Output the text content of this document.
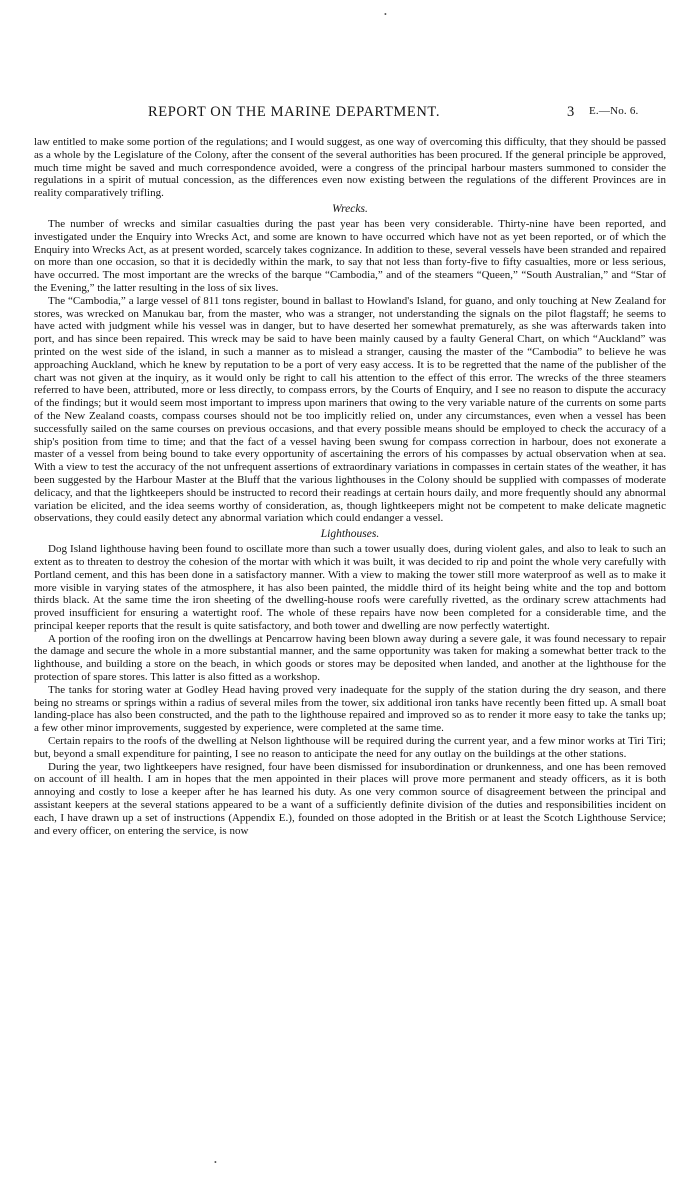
•
REPORT ON THE MARINE DEPARTMENT.	3 E.—No. 6.

law entitled to make some portion of the regulations; and I would suggest, as one way of overcoming this difficulty, that they should be passed as a whole by the Legislature of the Colony, after the consent of the several authorities has been procured. If the general principle be approved, much time might be saved and much correspondence avoided, were a congress of the principal harbour masters summoned to consider the regulations in a spirit of mutual concession, as the differences even now existing between the regulations of the different Provinces are in reality comparatively trifling.

Wrecks.

The number of wrecks and similar casualties during the past year has been very considerable. Thirty-nine have been reported, and investigated under the Enquiry into Wrecks Act, and some are known to have occurred which have not as yet been reported, or of which the Enquiry into Wrecks Act, as at present worded, scarcely takes cognizance. In addition to these, several vessels have been stranded and repaired on more than one occasion, so that it is decidedly within the mark, to say that not less than forty-five to fifty casualties, more or less serious, have occurred. The most important are the wrecks of the barque “Cambodia,” and of the steamers “Queen,” “South Australian,” and “Star of the Evening,” the latter resulting in the loss of six lives.

The “Cambodia,” a large vessel of 811 tons register, bound in ballast to Howland's Island, for guano, and only touching at New Zealand for stores, was wrecked on Manukau bar, from the master, who was a stranger, not understanding the signals on the pilot flagstaff; he seems to have acted with judgment while his vessel was in danger, but to have deserted her somewhat prematurely, as she was afterwards taken into port, and has since been repaired. This wreck may be said to have been mainly caused by a faulty General Chart, on which “Auckland” was printed on the west side of the island, in such a manner as to mislead a stranger, causing the master of the “Cambodia” to believe he was approaching Auckland, which he knew by reputation to be a port of very easy access. It is to be regretted that the name of the publisher of the chart was not given at the inquiry, as it would only be right to call his attention to the effect of this error. The wrecks of the three steamers referred to have been, attributed, more or less directly, to compass errors, by the Courts of Enquiry, and I see no reason to dispute the accuracy of the findings; but it would seem most important to impress upon mariners that owing to the very variable nature of the currents on some parts of the New Zealand coasts, compass courses should not be too implicitly relied on, under any circumstances, even when a vessel has been successfully sailed on the same courses on previous occasions, and that every possible means should be employed to check the accuracy of a ship's position from time to time; and that the fact of a vessel having been swung for compass correction in harbour, does not exonerate a master of a vessel from being bound to take every opportunity of ascertaining the errors of his compasses by actual observation when at sea. With a view to test the accuracy of the not unfrequent assertions of extraordinary variations in compasses in certain states of the weather, it has been suggested by the Harbour Master at the Bluff that the various lighthouses in the Colony should be supplied with compasses of moderate delicacy, and that the lightkeepers should be instructed to record their readings at certain hours daily, and more frequently should any abnormal variation be elicited, and the idea seems worthy of consideration, as, though lightkeepers might not be competent to make delicate magnetic observations, they could easily detect any abnormal variation which could endanger a vessel.

Lighthouses.

Dog Island lighthouse having been found to oscillate more than such a tower usually does, during violent gales, and also to leak to such an extent as to threaten to destroy the cohesion of the mortar with which it was built, it was decided to rip and point the whole very carefully with Portland cement, and this has been done in a satisfactory manner. With a view to making the tower still more waterproof as well as to make it more visible in varying states of the atmosphere, it has also been painted, the middle third of its height being white and the top and bottom thirds black. At the same time the iron sheeting of the dwelling-house roofs were carefully rivetted, as the ordinary screw attachments had proved insufficient for ensuring a watertight roof. The whole of these repairs have now been completed for a considerable time, and the principal keeper reports that the result is quite satisfactory, and both tower and dwelling are now perfectly watertight.

A portion of the roofing iron on the dwellings at Pencarrow having been blown away during a severe gale, it was found necessary to repair the damage and secure the whole in a more substantial manner, and the same opportunity was taken for making a somewhat better track to the lighthouse, and building a store on the beach, in which goods or stores may be deposited when landed, and another at the lighthouse for the protection of spare stores. This latter is also fitted as a workshop.

The tanks for storing water at Godley Head having proved very inadequate for the supply of the station during the dry season, and there being no streams or springs within a radius of several miles from the tower, six additional iron tanks have recently been fitted up. A small boat landing-place has also been constructed, and the path to the lighthouse repaired and improved so as to render it more easy to take the tanks up; a few other minor improvements, suggested by experience, were completed at the same time.

Certain repairs to the roofs of the dwelling at Nelson lighthouse will be required during the current year, and a few minor works at Tiri Tiri; but, beyond a small expenditure for painting, I see no reason to anticipate the need for any outlay on the buildings at the other stations.

During the year, two lightkeepers have resigned, four have been dismissed for insubordination or drunkenness, and one has been removed on account of ill health. I am in hopes that the men appointed in their places will prove more permanent and steady officers, as it is both annoying and costly to lose a keeper after he has learned his duty. As one very common source of disagreement between the principal and assistant keepers at the several stations appeared to be a want of a sufficiently definite division of the duties and responsibilities incident on each, I have drawn up a set of instructions (Appendix E.), founded on those adopted in the British or at least the Scotch Lighthouse Service; and every officer, on entering the service, is now

•
